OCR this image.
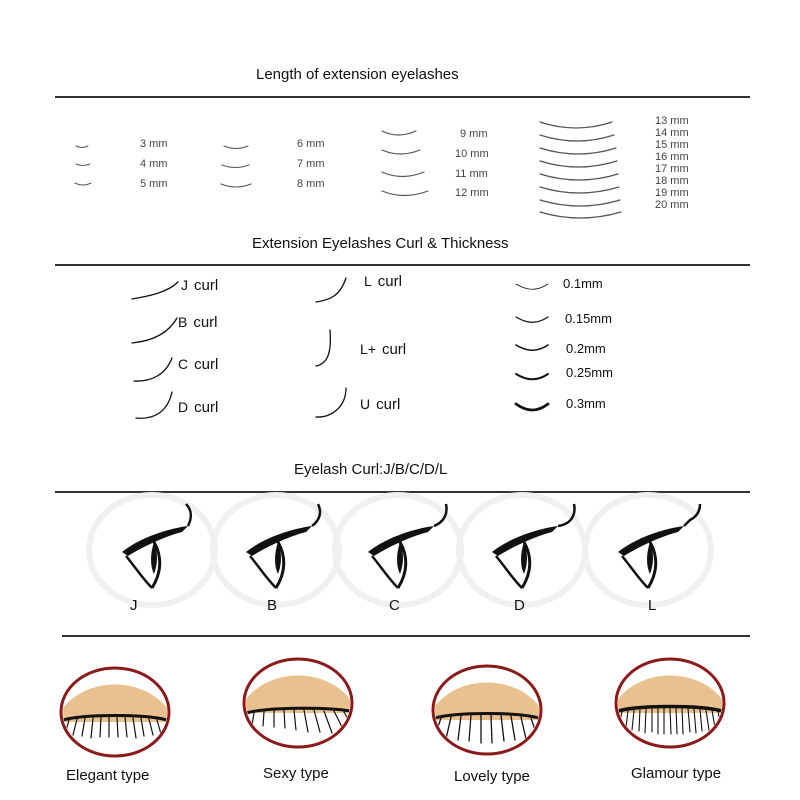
Length of extension eyelashes
3 mm
4 mm
5 mm
6 mm
7 mm
8 mm
9 mm
10 mm
11 mm
12 mm
13 mm
14 mm
15 mm
16 mm
17 mm
18 mm
19 mm
20 mm
Extension Eyelashes Curl & Thickness
J curl
B curl
C curl
D curl
L curl
L+ curl
U curl
0.1mm
0.15mm
0.2mm
0.25mm
0.3mm
Eyelash Curl:J/B/C/D/L
J	B	C	D	L
Elegant type	Sexy type	Lovely type	Glamour type
